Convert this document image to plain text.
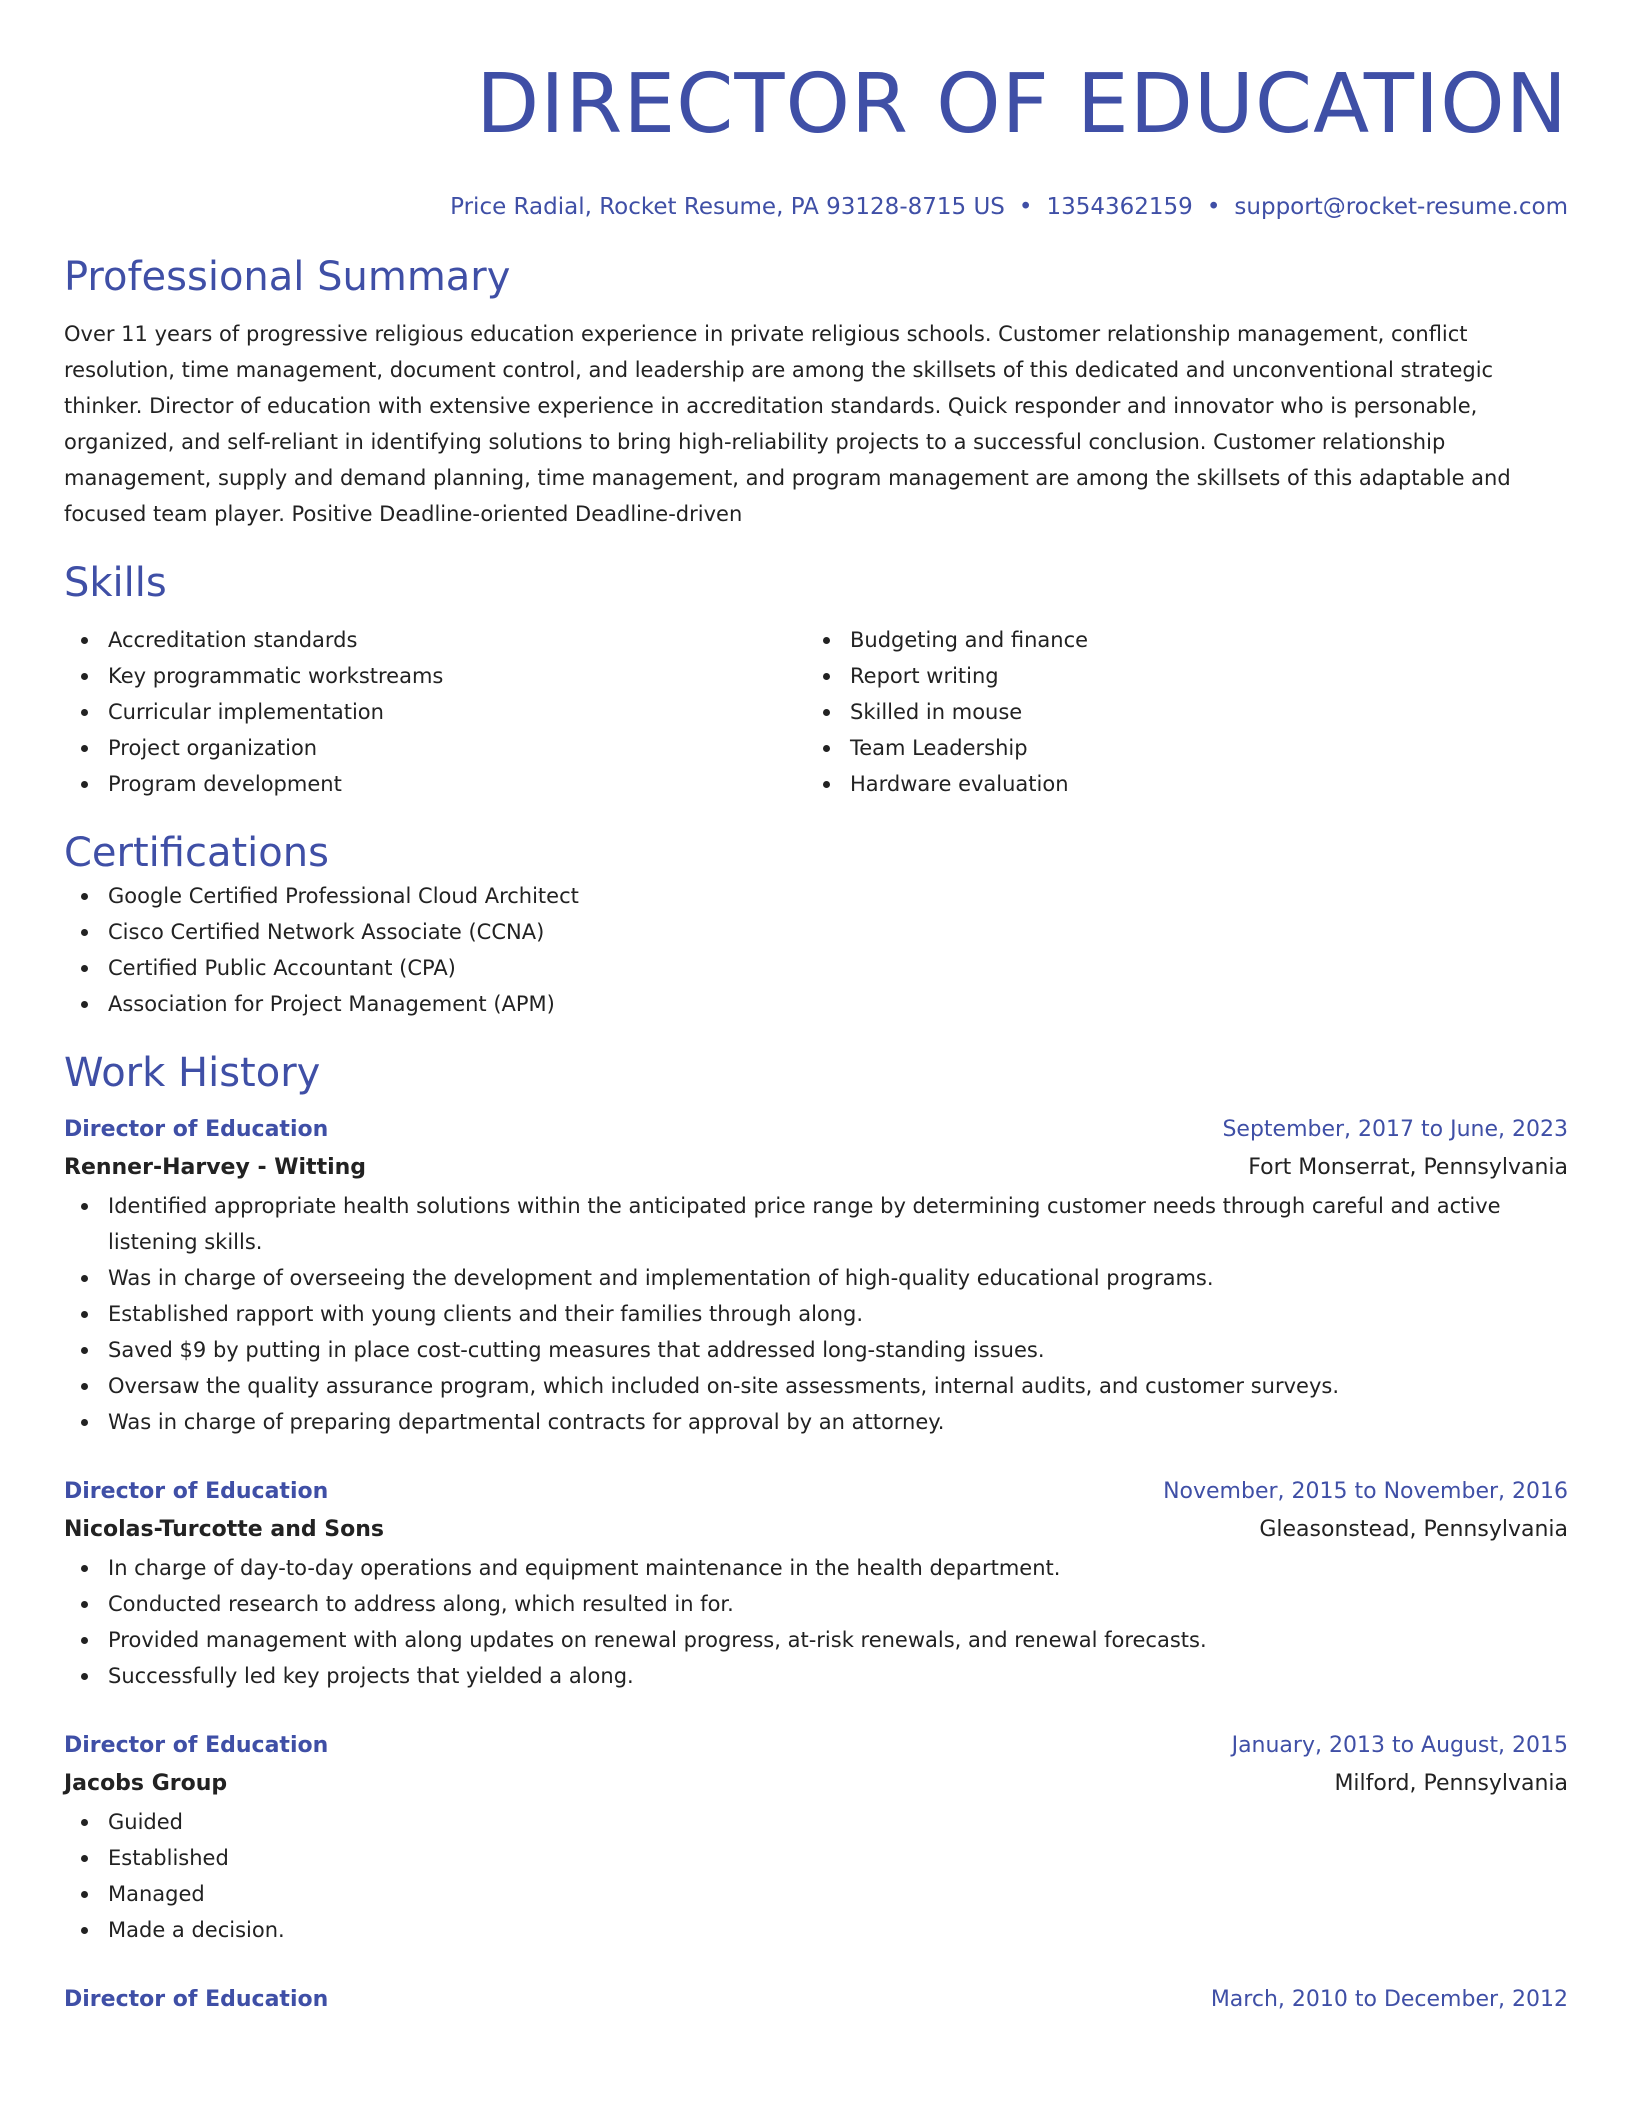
DIRECTOR OF EDUCATION
Price Radial, Rocket Resume, PA 93128-8715 US • 1354362159 • support@rocket-resume.com
Professional Summary
Over 11 years of progressive religious education experience in private religious schools. Customer relationship management, conflict resolution, time management, document control, and leadership are among the skillsets of this dedicated and unconventional strategic thinker. Director of education with extensive experience in accreditation standards. Quick responder and innovator who is personable, organized, and self-reliant in identifying solutions to bring high-reliability projects to a successful conclusion. Customer relationship management, supply and demand planning, time management, and program management are among the skillsets of this adaptable and focused team player. Positive Deadline-oriented Deadline-driven
Skills
Accreditation standards
Key programmatic workstreams
Curricular implementation
Project organization
Program development
Budgeting and finance
Report writing
Skilled in mouse
Team Leadership
Hardware evaluation
Certifications
Google Certified Professional Cloud Architect
Cisco Certified Network Associate (CCNA)
Certified Public Accountant (CPA)
Association for Project Management (APM)
Work History
Director of Education	September, 2017 to June, 2023
Renner-Harvey - Witting	Fort Monserrat, Pennsylvania
Identified appropriate health solutions within the anticipated price range by determining customer needs through careful and active listening skills.
Was in charge of overseeing the development and implementation of high-quality educational programs.
Established rapport with young clients and their families through along.
Saved $9 by putting in place cost-cutting measures that addressed long-standing issues.
Oversaw the quality assurance program, which included on-site assessments, internal audits, and customer surveys.
Was in charge of preparing departmental contracts for approval by an attorney.
Director of Education	November, 2015 to November, 2016
Nicolas-Turcotte and Sons	Gleasonstead, Pennsylvania
In charge of day-to-day operations and equipment maintenance in the health department.
Conducted research to address along, which resulted in for.
Provided management with along updates on renewal progress, at-risk renewals, and renewal forecasts.
Successfully led key projects that yielded a along.
Director of Education	January, 2013 to August, 2015
Jacobs Group	Milford, Pennsylvania
Guided
Established
Managed
Made a decision.
Director of Education	March, 2010 to December, 2012
